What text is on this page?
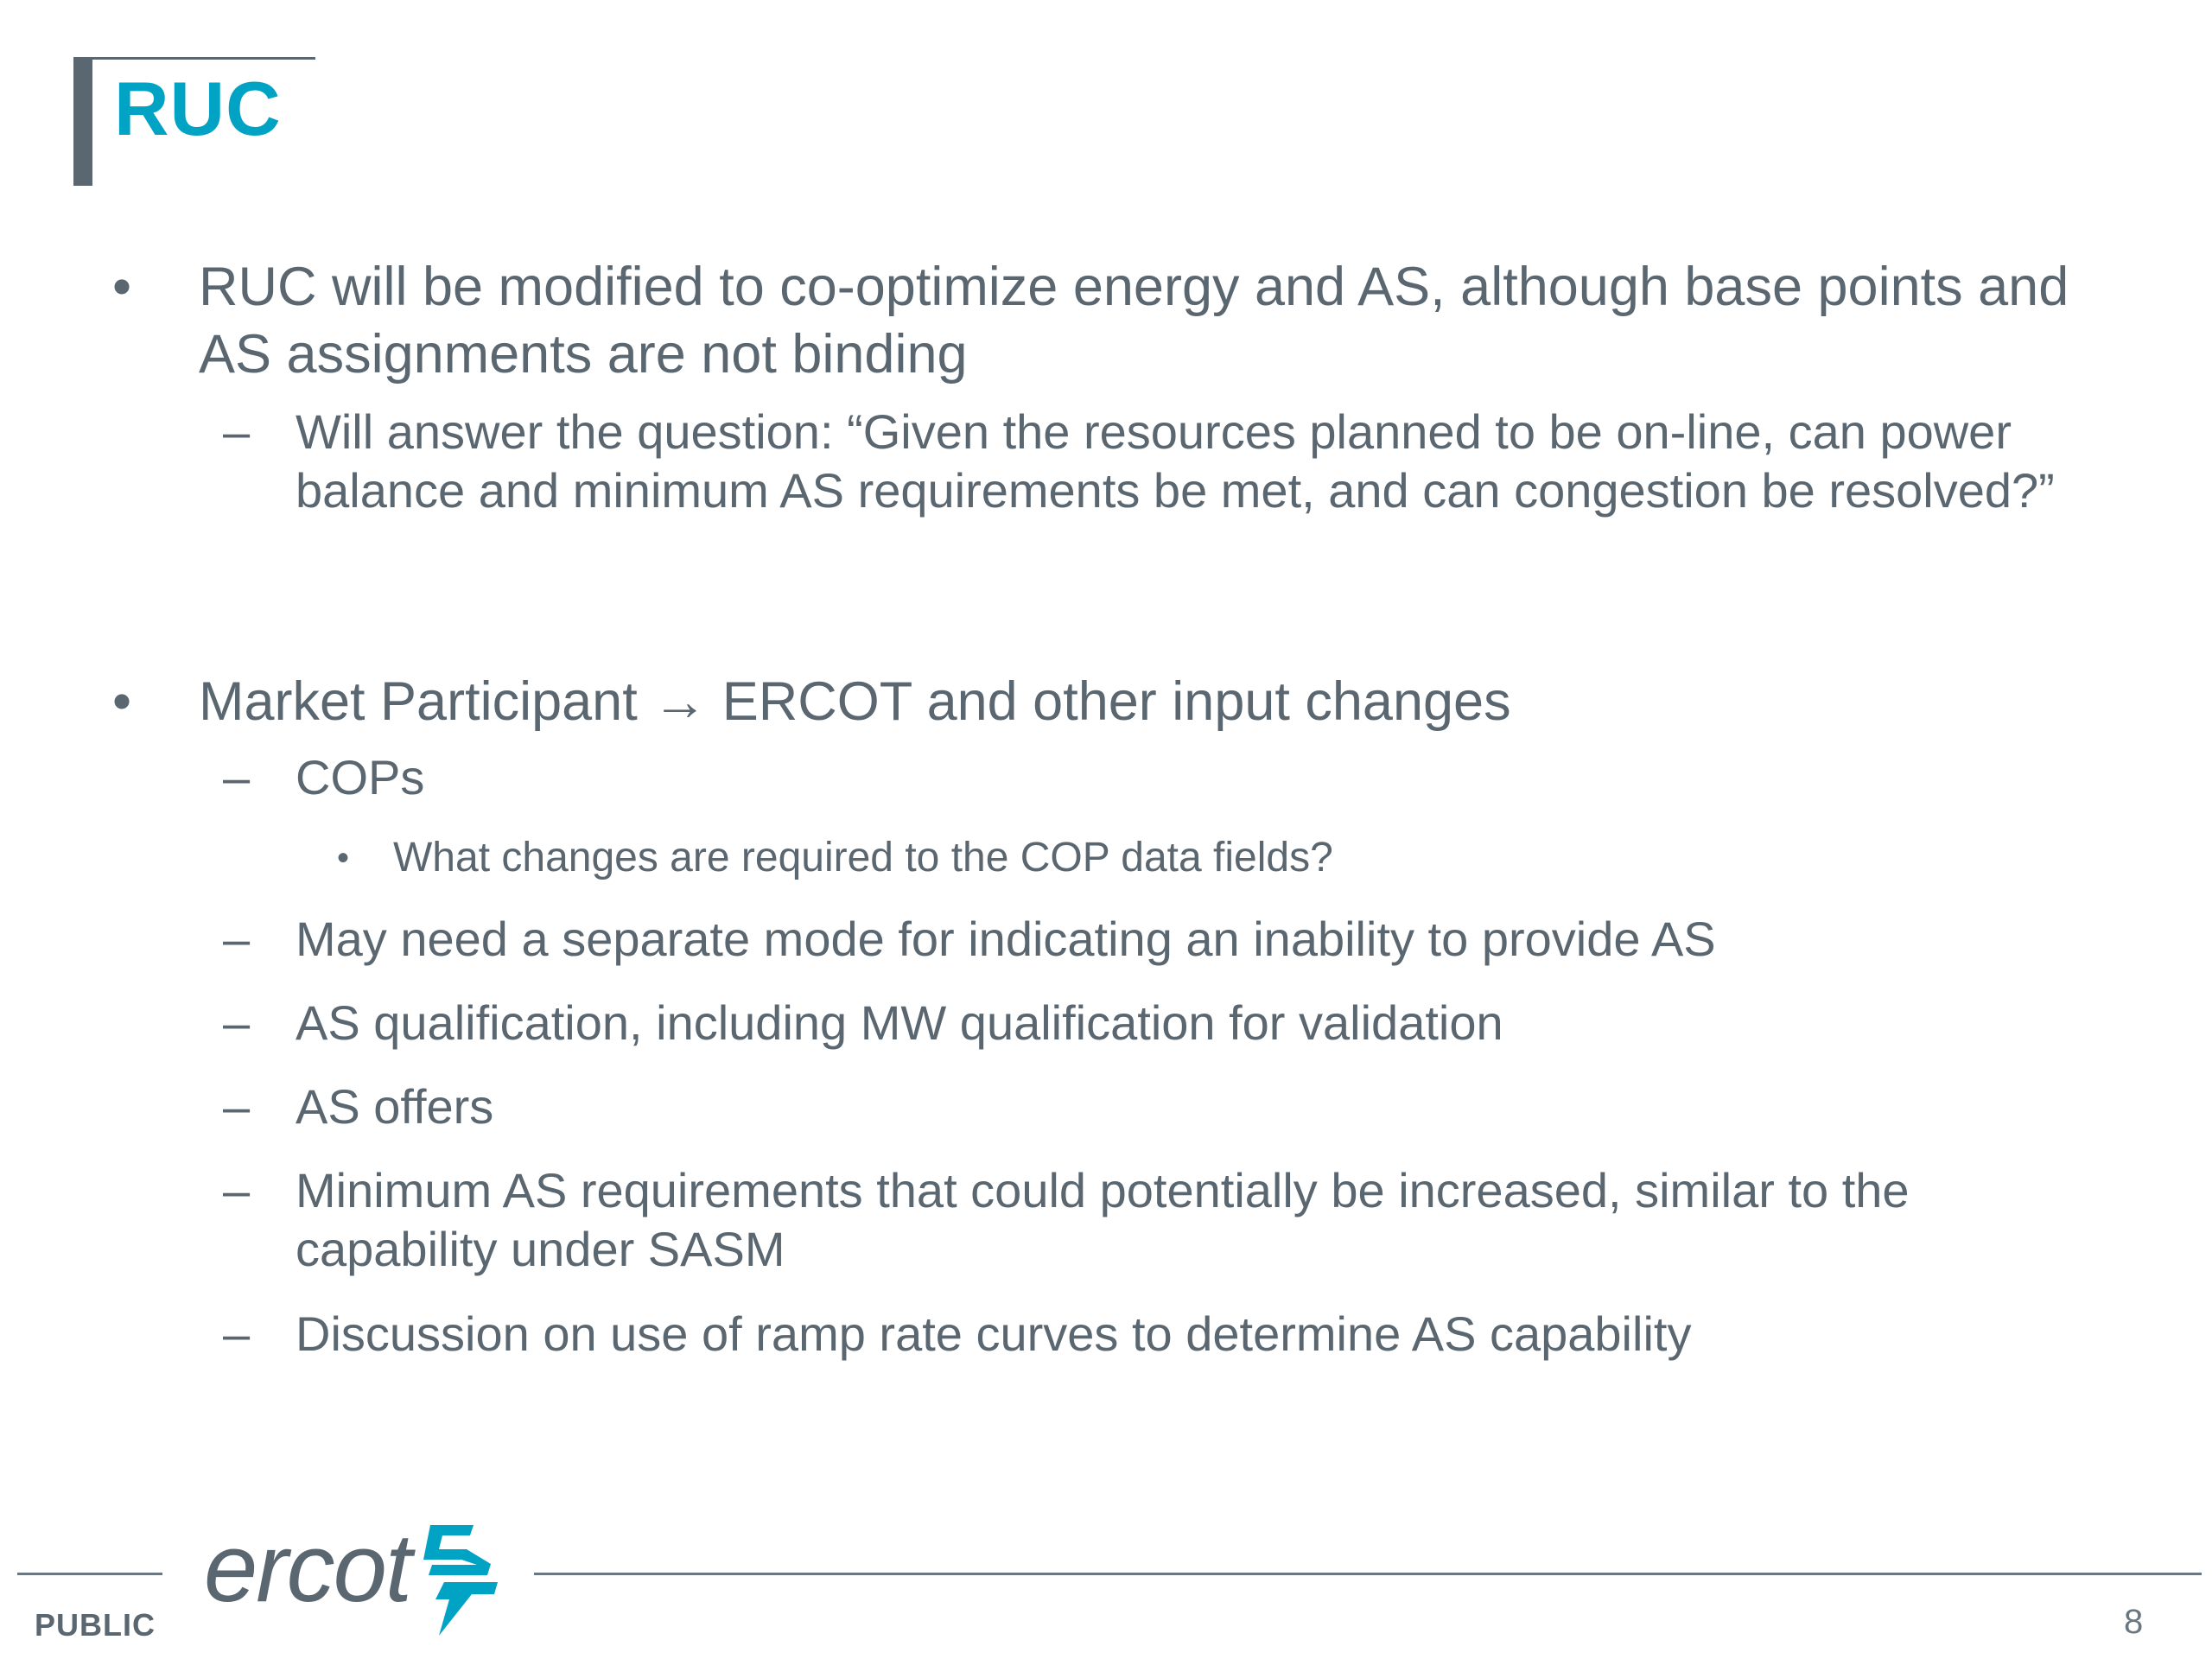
RUC
• RUC will be modified to co-optimize energy and AS, although base points and AS assignments are not binding
– Will answer the question: “Given the resources planned to be on-line, can power balance and minimum AS requirements be met, and can congestion be resolved?”
• Market Participant → ERCOT and other input changes
– COPs
• What changes are required to the COP data fields?
– May need a separate mode for indicating an inability to provide AS
– AS qualification, including MW qualification for validation
– AS offers
– Minimum AS requirements that could potentially be increased, similar to the capability under SASM
– Discussion on use of ramp rate curves to determine AS capability
ercot
PUBLIC	8
